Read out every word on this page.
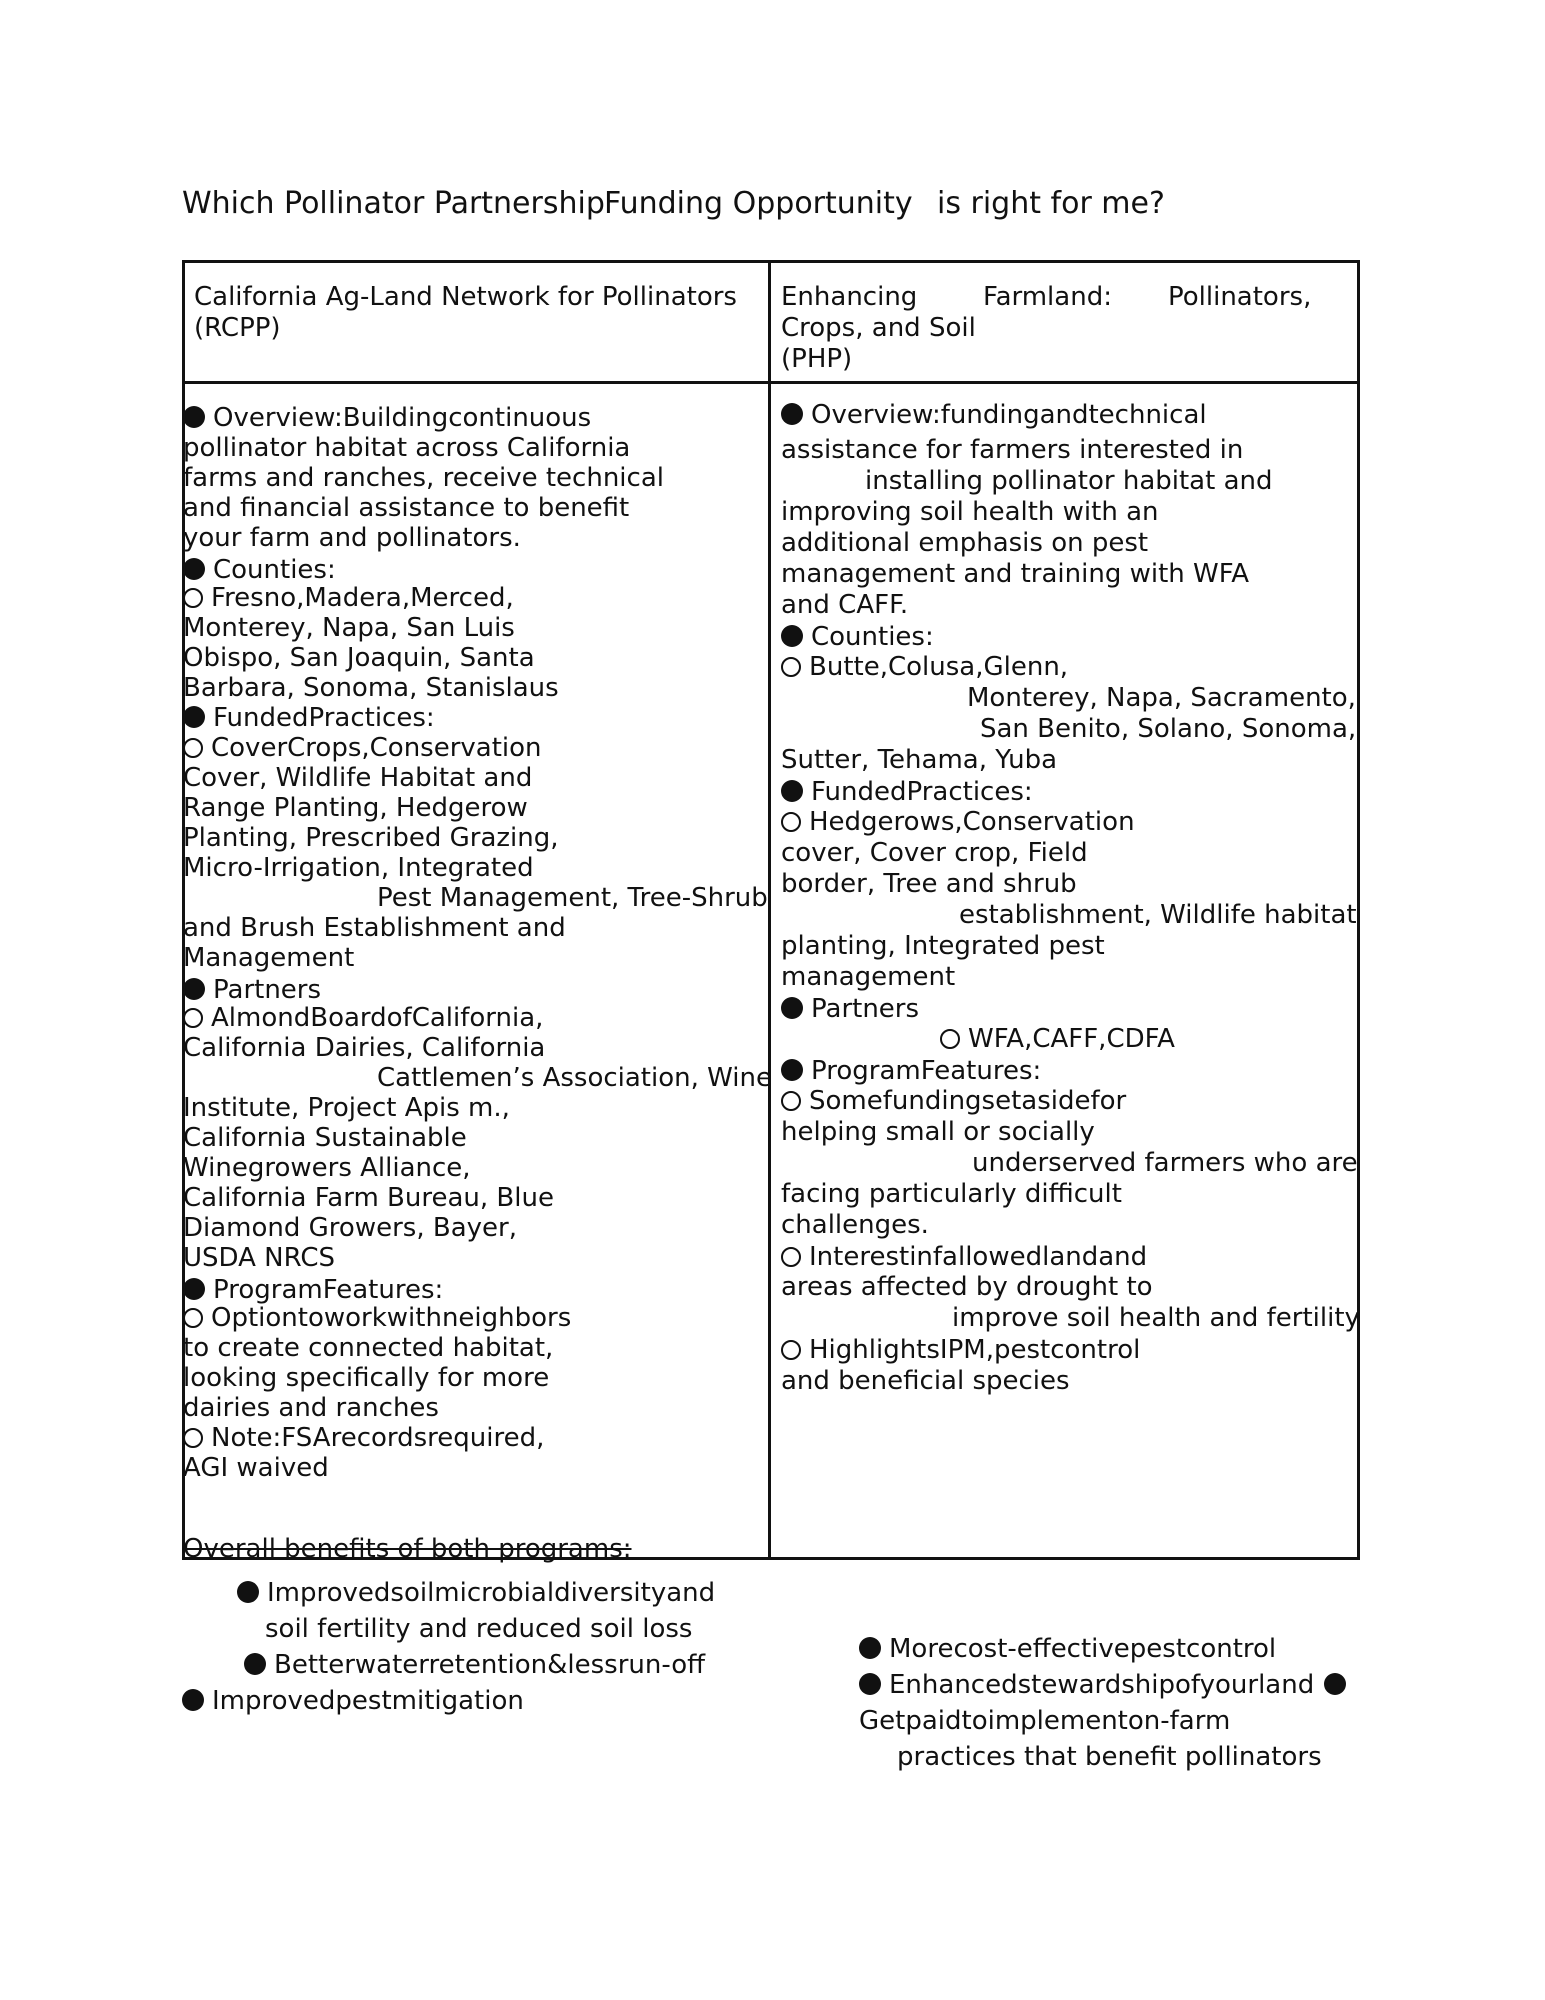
Which Pollinator Partnership Funding Opportunity is right for me?
California Ag-Land Network for Pollinators
(RCPP)
Enhancing	Farmland: Pollinators,
Crops, and Soil
(PHP)
Overview:Buildingcontinuous
pollinator habitat across California
farms and ranches, receive technical
and financial assistance to benefit
your farm and pollinators.
Counties:
Fresno,Madera,Merced,
Monterey, Napa, San Luis
Obispo, San Joaquin, Santa
Barbara, Sonoma, Stanislaus
FundedPractices:
CoverCrops,Conservation
Cover, Wildlife Habitat and
Range Planting, Hedgerow
Planting, Prescribed Grazing,
Micro-Irrigation, Integrated
Pest Management, Tree-Shrub
and Brush Establishment and
Management
Partners
AlmondBoardofCalifornia,
California Dairies, California
Cattlemen’s Association, Wine
Institute, Project Apis m.,
California Sustainable
Winegrowers Alliance,
California Farm Bureau, Blue
Diamond Growers, Bayer,
USDA NRCS
ProgramFeatures:
Optiontoworkwithneighbors
to create connected habitat,
looking specifically for more
dairies and ranches
Note:FSArecordsrequired,
AGI waived
Overview:fundingandtechnical
assistance for farmers interested in
installing pollinator habitat and
improving soil health with an
additional emphasis on pest
management and training with WFA
and CAFF.
Counties:
Butte,Colusa,Glenn,
Monterey, Napa, Sacramento,
San Benito, Solano, Sonoma,
Sutter, Tehama, Yuba
FundedPractices:
Hedgerows,Conservation
cover, Cover crop, Field
border, Tree and shrub
establishment, Wildlife habitat
planting, Integrated pest
management
Partners
WFA,CAFF,CDFA
ProgramFeatures:
Somefundingsetasidefor
helping small or socially
underserved farmers who are
facing particularly difficult
challenges.
Interestinfallowedlandand
areas affected by drought to
improve soil health and fertility
HighlightsIPM,pestcontrol
and beneficial species
Overall benefits of both programs:
Improvedsoilmicrobialdiversityand
soil fertility and reduced soil loss
Betterwaterretention&lessrun-off
Improvedpestmitigation
Morecost-effectivepestcontrol
Enhancedstewardshipofyourland
Getpaidtoimplementon-farm
practices that benefit pollinators
